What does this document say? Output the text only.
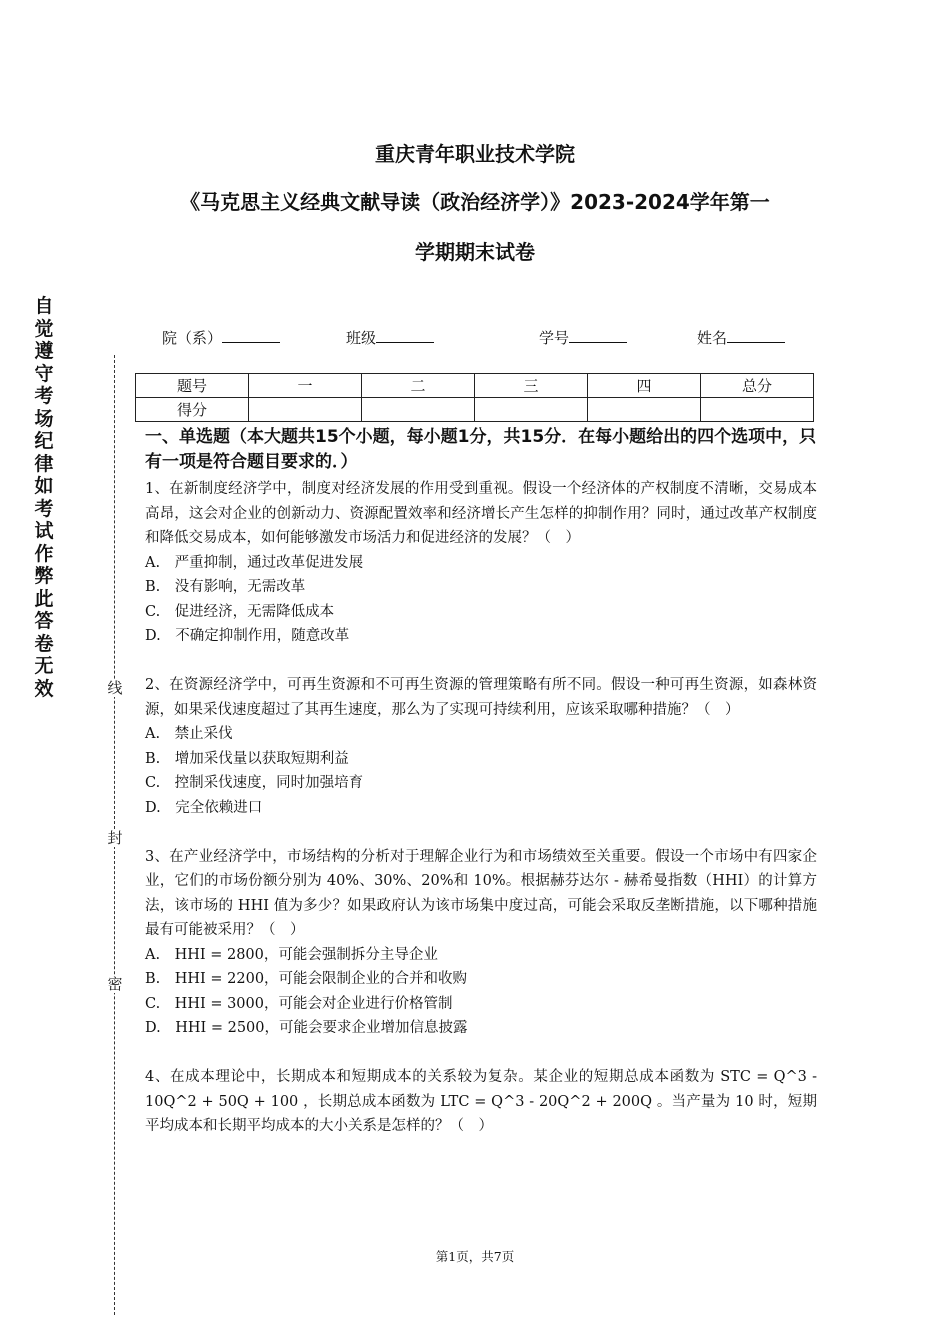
重庆青年职业技术学院
《马克思主义经典文献导读（政治经济学）》2023-2024学年第一
学期期末试卷
自觉遵守考场纪律如考试作弊此答卷无效	线
封
密
院（系）	班级	学号	姓名
题号	一	二	三	四	总分
得分					
一、单选题（本大题共15个小题，每小题1分，共15分．在每小题给出的四个选项中，只有一项是符合题目要求的．）

1、在新制度经济学中，制度对经济发展的作用受到重视。假设一个经济体的产权制度不清晰，交易成本高昂，这会对企业的创新动力、资源配置效率和经济增长产生怎样的抑制作用？同时，通过改革产权制度和降低交易成本，如何能够激发市场活力和促进经济的发展？（　）

A.　严重抑制，通过改革促进发展

B.　没有影响，无需改革

C.　促进经济，无需降低成本

D.　不确定抑制作用，随意改革

2、在资源经济学中，可再生资源和不可再生资源的管理策略有所不同。假设一种可再生资源，如森林资源，如果采伐速度超过了其再生速度，那么为了实现可持续利用，应该采取哪种措施？（　）

A.　禁止采伐

B.　增加采伐量以获取短期利益

C.　控制采伐速度，同时加强培育

D.　完全依赖进口

3、在产业经济学中，市场结构的分析对于理解企业行为和市场绩效至关重要。假设一个市场中有四家企业，它们的市场份额分别为 40%、30%、20%和 10%。根据赫芬达尔 - 赫希曼指数（HHI）的计算方法，该市场的 HHI 值为多少？如果政府认为该市场集中度过高，可能会采取反垄断措施，以下哪种措施最有可能被采用？（　）

A.　HHI = 2800，可能会强制拆分主导企业

B.　HHI = 2200，可能会限制企业的合并和收购

C.　HHI = 3000，可能会对企业进行价格管制

D.　HHI = 2500，可能会要求企业增加信息披露

4、在成本理论中，长期成本和短期成本的关系较为复杂。某企业的短期总成本函数为 STC = Q^3 - 10Q^2 + 50Q + 100 ，长期总成本函数为 LTC = Q^3 - 20Q^2 + 200Q 。当产量为 10 时，短期平均成本和长期平均成本的大小关系是怎样的？（　）

第1页，共7页
